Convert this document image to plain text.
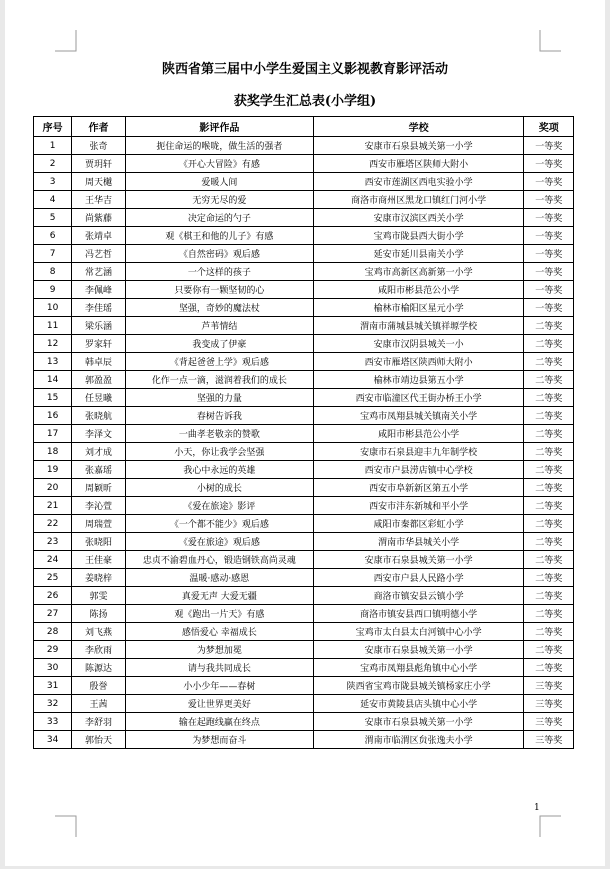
陕西省第三届中小学生爱国主义影视教育影评活动
获奖学生汇总表(小学组)
序号	作者	影评作品	学校	奖项
1	张奇	扼住命运的喉咙，做生活的强者	安康市石泉县城关第一小学	一等奖
2	贾玥轩	《开心大冒险》有感	西安市雁塔区陕师大附小	一等奖
3	周天樾	爱暖人间	西安市莲湖区西电实验小学	一等奖
4	王华吉	无穷无尽的爱	商洛市商州区黑龙口镇红门河小学	一等奖
5	尚紫藤	决定命运的勺子	安康市汉滨区西关小学	一等奖
6	张靖卓	观《棋王和他的儿子》有感	宝鸡市陇县西大街小学	一等奖
7	冯艺哲	《自然密码》观后感	延安市延川县南关小学	一等奖
8	常艺涵	一个这样的孩子	宝鸡市高新区高新第一小学	一等奖
9	李佩峰	只要你有一颗坚韧的心	咸阳市彬县范公小学	一等奖
10	李佳瑶	坚强，奇妙的魔法杖	榆林市榆阳区星元小学	一等奖
11	梁乐涵	芦苇情结	渭南市蒲城县城关镇祥塬学校	二等奖
12	罗家轩	我变成了伊豪	安康市汉阴县城关一小	二等奖
13	韩卓辰	《背起爸爸上学》观后感	西安市雁塔区陕西师大附小	二等奖
14	郭盈盈	化作一点一滴，滋润着我们的成长	榆林市靖边县第五小学	二等奖
15	任昱曦	坚强的力量	西安市临潼区代王街办桥王小学	二等奖
16	张晓航	春树告诉我	宝鸡市凤翔县城关镇南关小学	二等奖
17	李泽文	一曲孝老敬亲的赞歌	咸阳市彬县范公小学	二等奖
18	刘才成	小天，你让我学会坚强	安康市石泉县迎丰九年制学校	二等奖
19	张嘉瑶	我心中永远的英雄	西安市户县涝店镇中心学校	二等奖
20	周颖昕	小树的成长	西安市阜新新区第五小学	二等奖
21	李沁萱	《爱在旅途》影评	西安市沣东新城和平小学	二等奖
22	周瑞萱	《一个都不能少》观后感	咸阳市秦都区彩虹小学	二等奖
23	张晓阳	《爱在旅途》观后感	渭南市华县城关小学	二等奖
24	王佳豪	忠贞不渝碧血丹心，锻造钢铁高尚灵魂	安康市石泉县城关第一小学	二等奖
25	姜晓梓	温暖·感动·感恩	西安市户县人民路小学	二等奖
26	郭雯	真爱无声 大爱无疆	商洛市镇安县云镇小学	二等奖
27	陈扬	观《跑出一片天》有感	商洛市镇安县西口镇明德小学	二等奖
28	刘飞燕	感悟爱心 幸福成长	宝鸡市太白县太白河镇中心小学	二等奖
29	李欣雨	为梦想加冕	安康市石泉县城关第一小学	二等奖
30	陈源达	请与我共同成长	宝鸡市凤翔县彪角镇中心小学	二等奖
31	殷誉	小小少年——春树	陕西省宝鸡市陇县城关镇杨家庄小学	三等奖
32	王茜	爱让世界更美好	延安市黄陵县店头镇中心小学	三等奖
33	李舒羽	输在起跑线赢在终点	安康市石泉县城关第一小学	三等奖
34	郭怡天	为梦想而奋斗	渭南市临渭区贠张逸夫小学	三等奖
1
